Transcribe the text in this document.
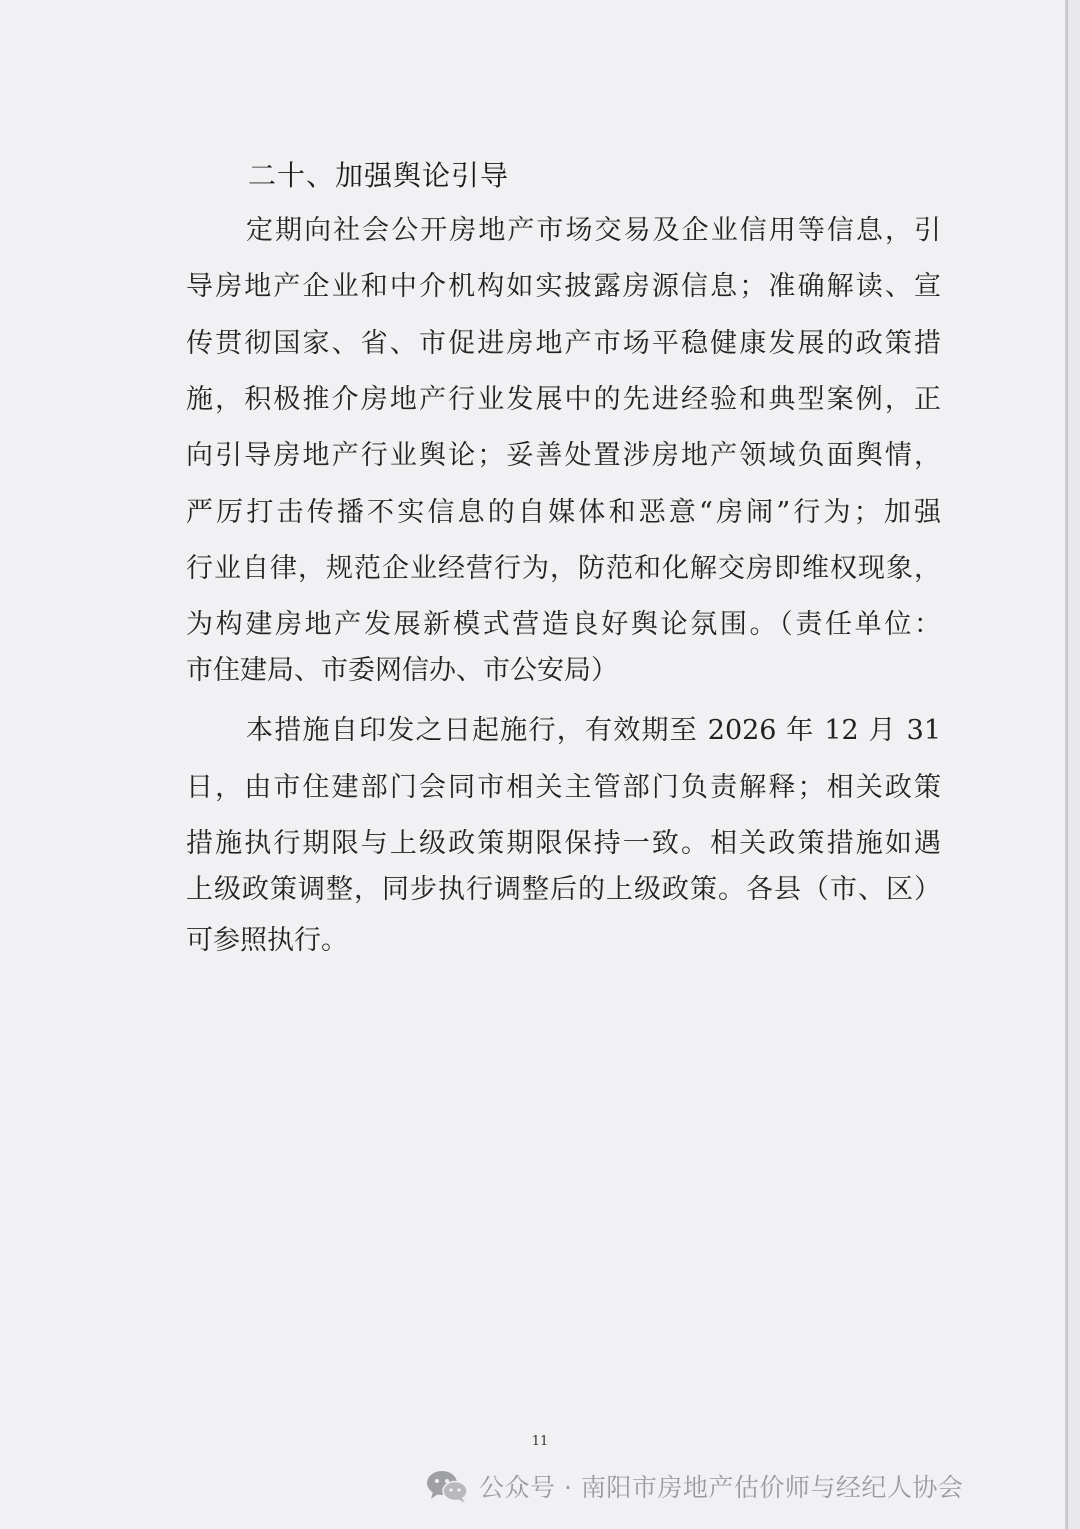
二十、加强舆论引导
定期向社会公开房地产市场交易及企业信用等信息，引
导房地产企业和中介机构如实披露房源信息；准确解读、宣
传贯彻国家、省、市促进房地产市场平稳健康发展的政策措
施，积极推介房地产行业发展中的先进经验和典型案例，正
向引导房地产行业舆论；妥善处置涉房地产领域负面舆情，
严厉打击传播不实信息的自媒体和恶意“房闹”行为；加强
行业自律，规范企业经营行为，防范和化解交房即维权现象，
为构建房地产发展新模式营造良好舆论氛围。（责任单位：
市住建局、市委网信办、市公安局）
本措施自印发之日起施行，有效期至 2026 年 12 月 31
日，由市住建部门会同市相关主管部门负责解释；相关政策
措施执行期限与上级政策期限保持一致。相关政策措施如遇
上级政策调整，同步执行调整后的上级政策。各县（市、区）
可参照执行。
11
公众号 · 南阳市房地产估价师与经纪人协会
